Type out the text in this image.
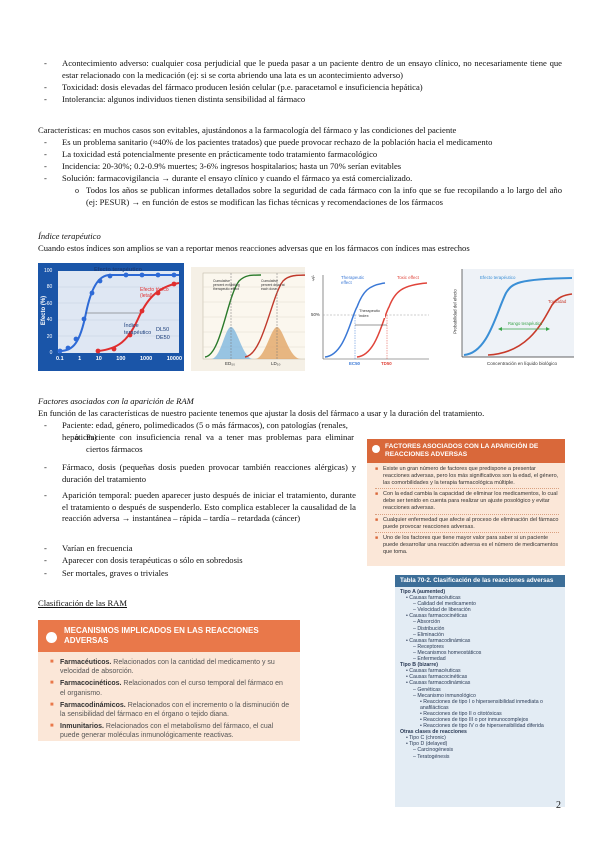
- Acontecimiento adverso: cualquier cosa perjudicial que le pueda pasar a un paciente dentro de un ensayo clínico, no necesariamente tiene que estar relacionado con la medicación (ej: si se corta abriendo una lata es un acontecimiento adverso)
- Toxicidad: dosis elevadas del fármaco producen lesión celular (p.e. paracetamol e insuficiencia hepática)
- Intolerancia: algunos individuos tienen distinta sensibilidad al fármaco
Características: en muchos casos son evitables, ajustándonos a la farmacología del fármaco y las condiciones del paciente
- Es un problema sanitario (≈40% de los pacientes tratados) que puede provocar rechazo de la población hacia el medicamento
- La toxicidad está potencialmente presente en prácticamente todo tratamiento farmacológico
- Incidencia: 20-30%; 0.2-0.9% muertes; 3-6% ingresos hospitalarios; hasta un 70% serían evitables
- Solución: farmacovigilancia → durante el ensayo clínico y cuando el fármaco ya está comercializado.
o Todos los años se publican informes detallados sobre la seguridad de cada fármaco con la info que se fue recopilando a lo largo del año (ej: PESUR) → en función de estos se modifican las fichas técnicas y recomendaciones de los fármacos
Índice terapéutico
Cuando estos índices son amplios se van a reportar menos reacciones adversas que en los fármacos con índices mas estrechos
Efecto (%)
Efecto terapéutico
Efecto tóxico (letal)
Índice
terapéutico DL50
DE50
0.1	1	10	100	1000	10000
100
80
60
40
20
0
Cumulative percent exhibiting therapeutic effect
Cumulative percent dead at each dose
ED₅₀	LD₅₀
⚕	Therapeutic effect
Toxic effect
Therapeutic index
50%
EC50	TD50
Efecto terapéutico
Toxicidad
Rango terapéutico
Probabilidad del efecto
Concentración en líquido biológico
Factores asociados con la aparición de RAM
En función de las características de nuestro paciente tenemos que ajustar la dosis del fármaco a usar y la duración del tratamiento.
- Paciente: edad, género, polimedicados (5 o más fármacos), con patologías (renales, hepáticas)
o Paciente con insuficiencia renal va a tener mas problemas para eliminar ciertos fármacos
- Fármaco, dosis (pequeñas dosis pueden provocar también reacciones alérgicas) y duración del tratamiento
- Aparición temporal: pueden aparecer justo después de iniciar el tratamiento, durante el tratamiento o después de suspenderlo. Esto complica establecer la causalidad de la reacción adversa → instantánea – rápida – tardía – retardada (cáncer)
- Varían en frecuencia
- Aparecer con dosis terapéuticas o sólo en sobredosis
- Ser mortales, graves o triviales
FACTORES ASOCIADOS CON LA APARICIÓN DE REACCIONES ADVERSAS
■ Existe un gran número de factores que predispone a presentar reacciones adversas, pero los más significativos son la edad, el género, las comorbilidades y la terapia farmacológica múltiple.
■ Con la edad cambia la capacidad de eliminar los medicamentos, lo cual debe ser tenido en cuenta para realizar un ajuste posológico y evitar reacciones adversas.
■ Cualquier enfermedad que afecte al proceso de eliminación del fármaco puede provocar reacciones adversas.
■ Uno de los factores que tiene mayor valor para saber si un paciente puede desarrollar una reacción adversa es el número de medicamentos que toma.
Clasificación de las RAM
MECANISMOS IMPLICADOS EN LAS REACCIONES ADVERSAS
■ Farmacéuticos. Relacionados con la cantidad del medicamento y su velocidad de absorción.
■ Farmacocinéticos. Relacionados con el curso temporal del fármaco en el organismo.
■ Farmacodinámicos. Relacionados con el incremento o la disminución de la sensibilidad del fármaco en el órgano o tejido diana.
■ Inmunitarios. Relacionados con el metabolismo del fármaco, el cual puede generar moléculas inmunológicamente reactivas.
Tabla 70-2. Clasificación de las reacciones adversas
Tipo A (aumented)
• Causas farmacéuticas
– Calidad del medicamento
– Velocidad de liberación
• Causas farmacocinéticas
– Absorción
– Distribución
– Eliminación
• Causas farmacodinámicas
– Receptores
– Mecanismos homeostáticos
– Enfermedad
Tipo B (bizarre)
• Causas farmacéuticas
• Causas farmacocinéticas
• Causas farmacodinámicas
– Genéticas
– Mecanismo inmunológico
• Reacciones de tipo I o hipersensibilidad inmediata o anafilácticas
• Reacciones de tipo II o citotóxicas
• Reacciones de tipo III o por inmunocomplejos
• Reacciones de tipo IV o de hipersensibilidad diferida
Otras clases de reacciones
• Tipo C (chronic)
• Tipo D (delayed)
– Carcinogénesis
– Teratogénesis
2
